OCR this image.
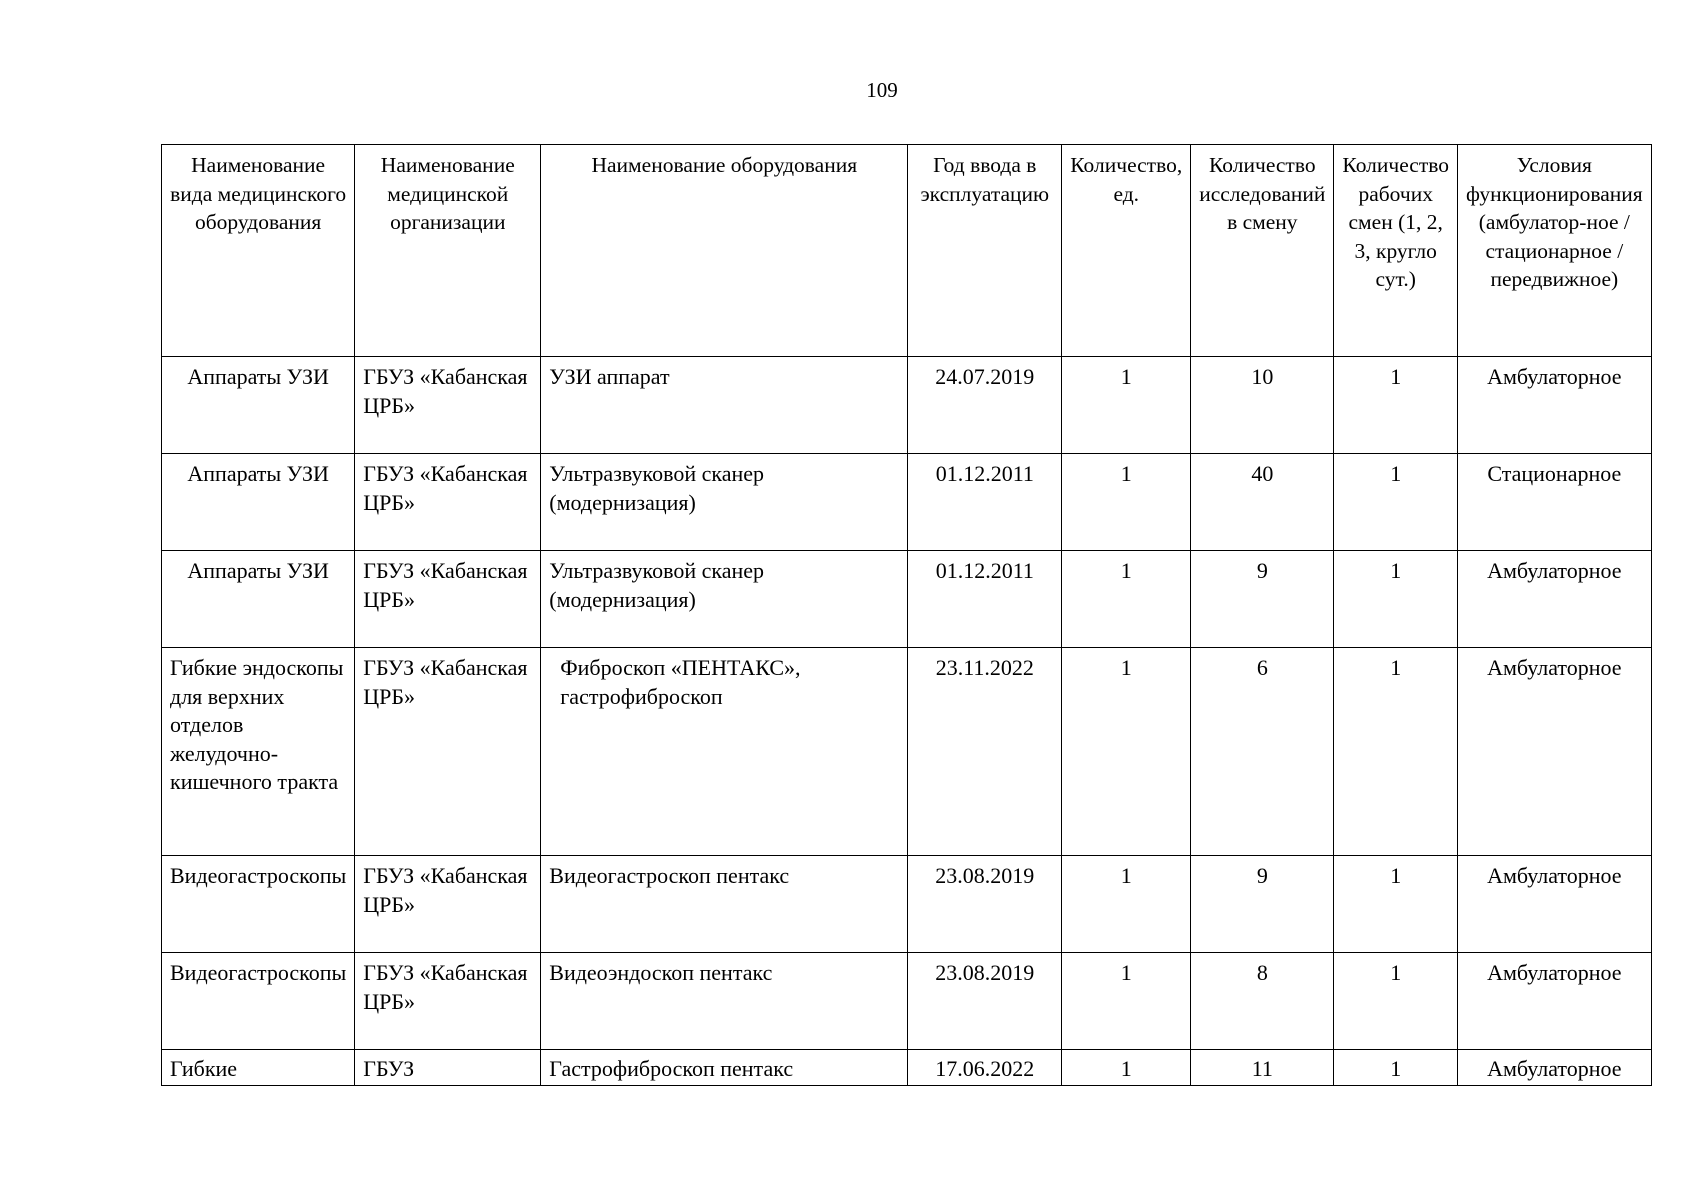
109
Наименование вида медицинского оборудования	Наименование медицинской организации	Наименование оборудования	Год ввода в эксплуатацию	Количество, ед.	Количество исследований в смену	Количество рабочих смен (1, 2, 3, кругло сут.)	Условия функционирования (амбулатор-ное / стационарное / передвижное)
Аппараты УЗИ	ГБУЗ «Кабанская ЦРБ»	УЗИ аппарат	24.07.2019	1	10	1	Амбулаторное
Аппараты УЗИ	ГБУЗ «Кабанская ЦРБ»	Ультразвуковой сканер (модернизация)	01.12.2011	1	40	1	Стационарное
Аппараты УЗИ	ГБУЗ «Кабанская ЦРБ»	Ультразвуковой сканер (модернизация)	01.12.2011	1	9	1	Амбулаторное
Гибкие эндоскопы для верхних отделов желудочно-кишечного тракта	ГБУЗ «Кабанская ЦРБ»	Фиброскоп «ПЕНТАКС», гастрофиброскоп	23.11.2022	1	6	1	Амбулаторное
Видеогастроскопы	ГБУЗ «Кабанская ЦРБ»	Видеогастроскоп пентакс	23.08.2019	1	9	1	Амбулаторное
Видеогастроскопы	ГБУЗ «Кабанская ЦРБ»	Видеоэндоскоп пентакс	23.08.2019	1	8	1	Амбулаторное
Гибкие	ГБУЗ	Гастрофиброскоп пентакс	17.06.2022	1	11	1	Амбулаторное
